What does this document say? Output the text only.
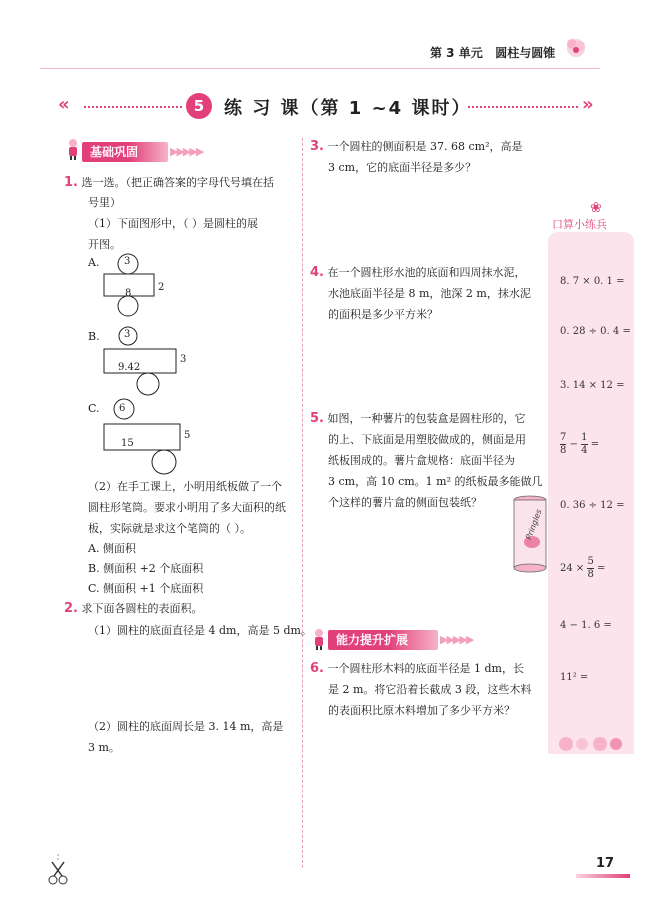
第 3 单元 圆柱与圆锥
«	5	练 习 课（第 1 ~4 课时）	»
基础巩固	▶▶▶▶▶
1. 选一选。（把正确答案的字母代号填在括
号里）
（1）下面图形中，（ ）是圆柱的展
开图。
A. 3
8
2
B. 3
9.42
3
C. 6
15
5
（2）在手工课上，小明用纸板做了一个
圆柱形笔筒。要求小明用了多大面积的纸
板，实际就是求这个笔筒的（ ）。
A. 侧面积
B. 侧面积 +2 个底面积
C. 侧面积 +1 个底面积
2. 求下面各圆柱的表面积。
（1）圆柱的底面直径是 4 dm，高是 5 dm。
（2）圆柱的底面周长是 3. 14 m，高是
3 m。
3. 一个圆柱的侧面积是 37. 68 cm²，高是
3 cm，它的底面半径是多少？
4. 在一个圆柱形水池的底面和四周抹水泥，
水池底面半径是 8 m，池深 2 m，抹水泥
的面积是多少平方米？
5. 如图，一种薯片的包装盒是圆柱形的，它
的上、下底面是用塑胶做成的，侧面是用
纸板围成的。薯片盒规格：底面半径为
3 cm，高 10 cm。1 m² 的纸板最多能做几
个这样的薯片盒的侧面包装纸？
Pringles
能力提升扩展	▶▶▶▶▶
6. 一个圆柱形木料的底面半径是 1 dm，长
是 2 m。将它沿着长截成 3 段，这些木料
的表面积比原木料增加了多少平方米？
❀
口算小练兵
8. 7 × 0. 1 =
0. 28 ÷ 0. 4 =
3. 14 × 12 =
$\frac{7}{8} - \frac{1}{4}$ =
0. 36 ÷ 12 =
$24 \times \frac{5}{8}$ =
4 − 1. 6 =
11² =
17
